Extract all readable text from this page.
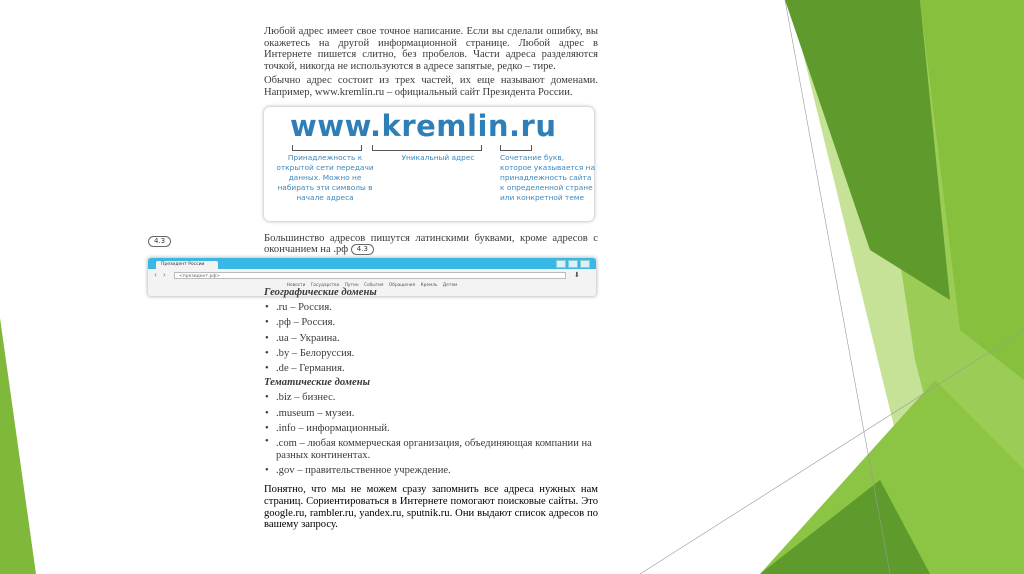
Любой адрес имеет свое точное написание. Если вы сделали ошибку, вы окажетесь на другой информационной странице. Любой адрес в Интернете пишется слитно, без пробелов. Части адреса разделяются точкой, никогда не используются в адресе запятые, редко – тире.

Обычно адрес состоит из трех частей, их еще называют доменами. Например, www.kremlin.ru – официальный сайт Президента России.

www.kremlin.ru
Принадлежность к открытой сети передачи данных. Можно не набирать эти символы в начале адреса
Уникальный адрес	Сочетание букв, которое указывается на принадлежность сайта к определенной стране или конкретной теме

Большинство адресов пишутся латинскими буквами, кроме адресов с окончанием на .рф 4.3

4.3
Президент России
‹ ›	<президент.рф>	⬇
Новости Государство Путин События Обращения Кремль Детям
Географические домены
• .ru – Россия.
• .рф – Россия.
• .ua – Украина.
• .by – Белоруссия.
• .de – Германия.
Тематические домены
• .biz – бизнес.
• .museum – музеи.
• .info – информационный.
• .com – любая коммерческая организация, объединяющая компании на разных континентах.
• .gov – правительственное учреждение.

Понятно, что мы не можем сразу запомнить все адреса нужных нам страниц. Сориентироваться в Интернете помогают поисковые сайты. Это google.ru, rambler.ru, yandex.ru, sputnik.ru. Они выдают список адресов по вашему запросу.
